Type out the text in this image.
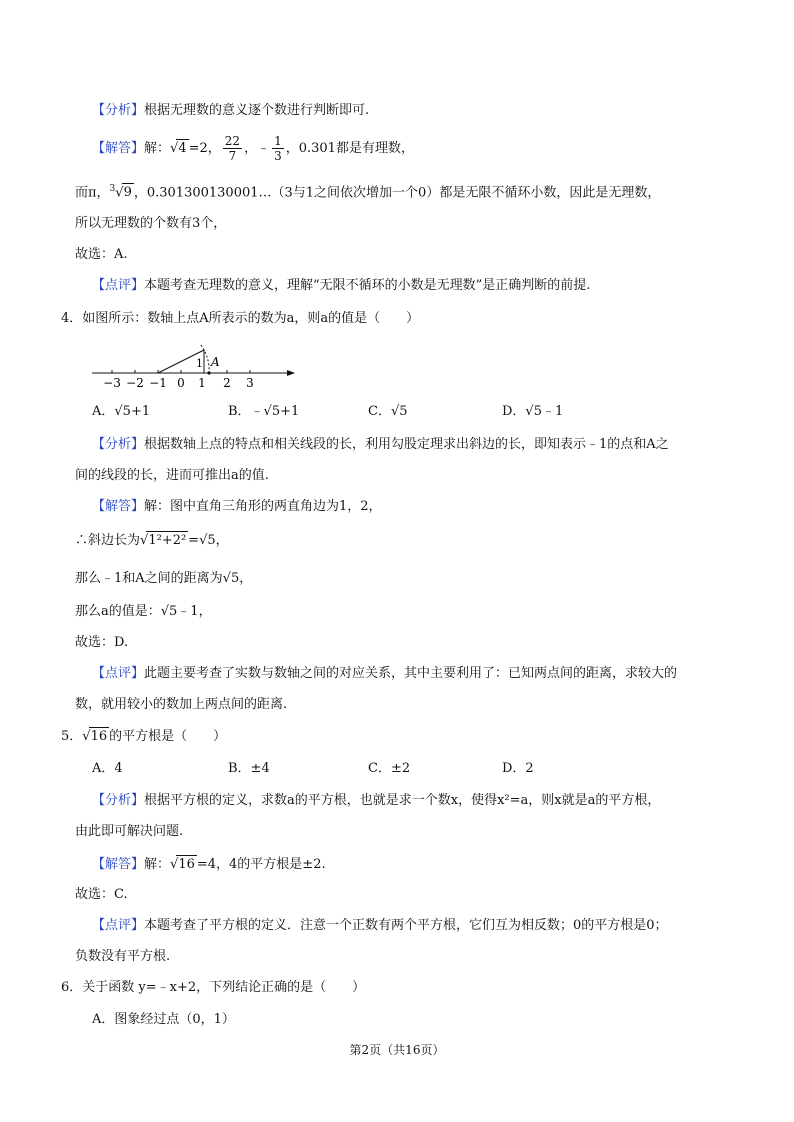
【分析】根据无理数的意义逐个数进行判断即可.
【解答】解：√4 =2， $\frac{22}{7}$ ，﹣ $\frac{1}{3}$ ，0.301都是有理数，
而π，$^3$√9 ，0.301300130001…（3与1之间依次增加一个0）都是无限不循环小数，因此是无理数，
所以无理数的个数有3个，
故选：A.
【点评】本题考查无理数的意义，理解“无限不循环的小数是无理数”是正确判断的前提.
4．如图所示：数轴上点A所表示的数为a，则a的值是（　　）
−3 −2 −1 0 1 2 3
1 A
A．√5+1	B．﹣√5+1	C．√5	D．√5﹣1
【分析】根据数轴上点的特点和相关线段的长，利用勾股定理求出斜边的长，即知表示﹣1的点和A之
间的线段的长，进而可推出a的值.
【解答】解：图中直角三角形的两直角边为1，2，
∴斜边长为√1²+2² =√5，
那么﹣1和A之间的距离为√5，
那么a的值是：√5﹣1，
故选：D.
【点评】此题主要考查了实数与数轴之间的对应关系，其中主要利用了：已知两点间的距离，求较大的
数，就用较小的数加上两点间的距离.
5．√16 的平方根是（　　）
A．4	B．±4	C．±2	D．2
【分析】根据平方根的定义，求数a的平方根，也就是求一个数x，使得x²=a，则x就是a的平方根，
由此即可解决问题.
【解答】解：√16 =4，4的平方根是±2.
故选：C.
【点评】本题考查了平方根的定义．注意一个正数有两个平方根，它们互为相反数；0的平方根是0；
负数没有平方根.
6．关于函数 y=﹣x+2，下列结论正确的是（　　）
A．图象经过点（0，1）
第2页（共16页）
